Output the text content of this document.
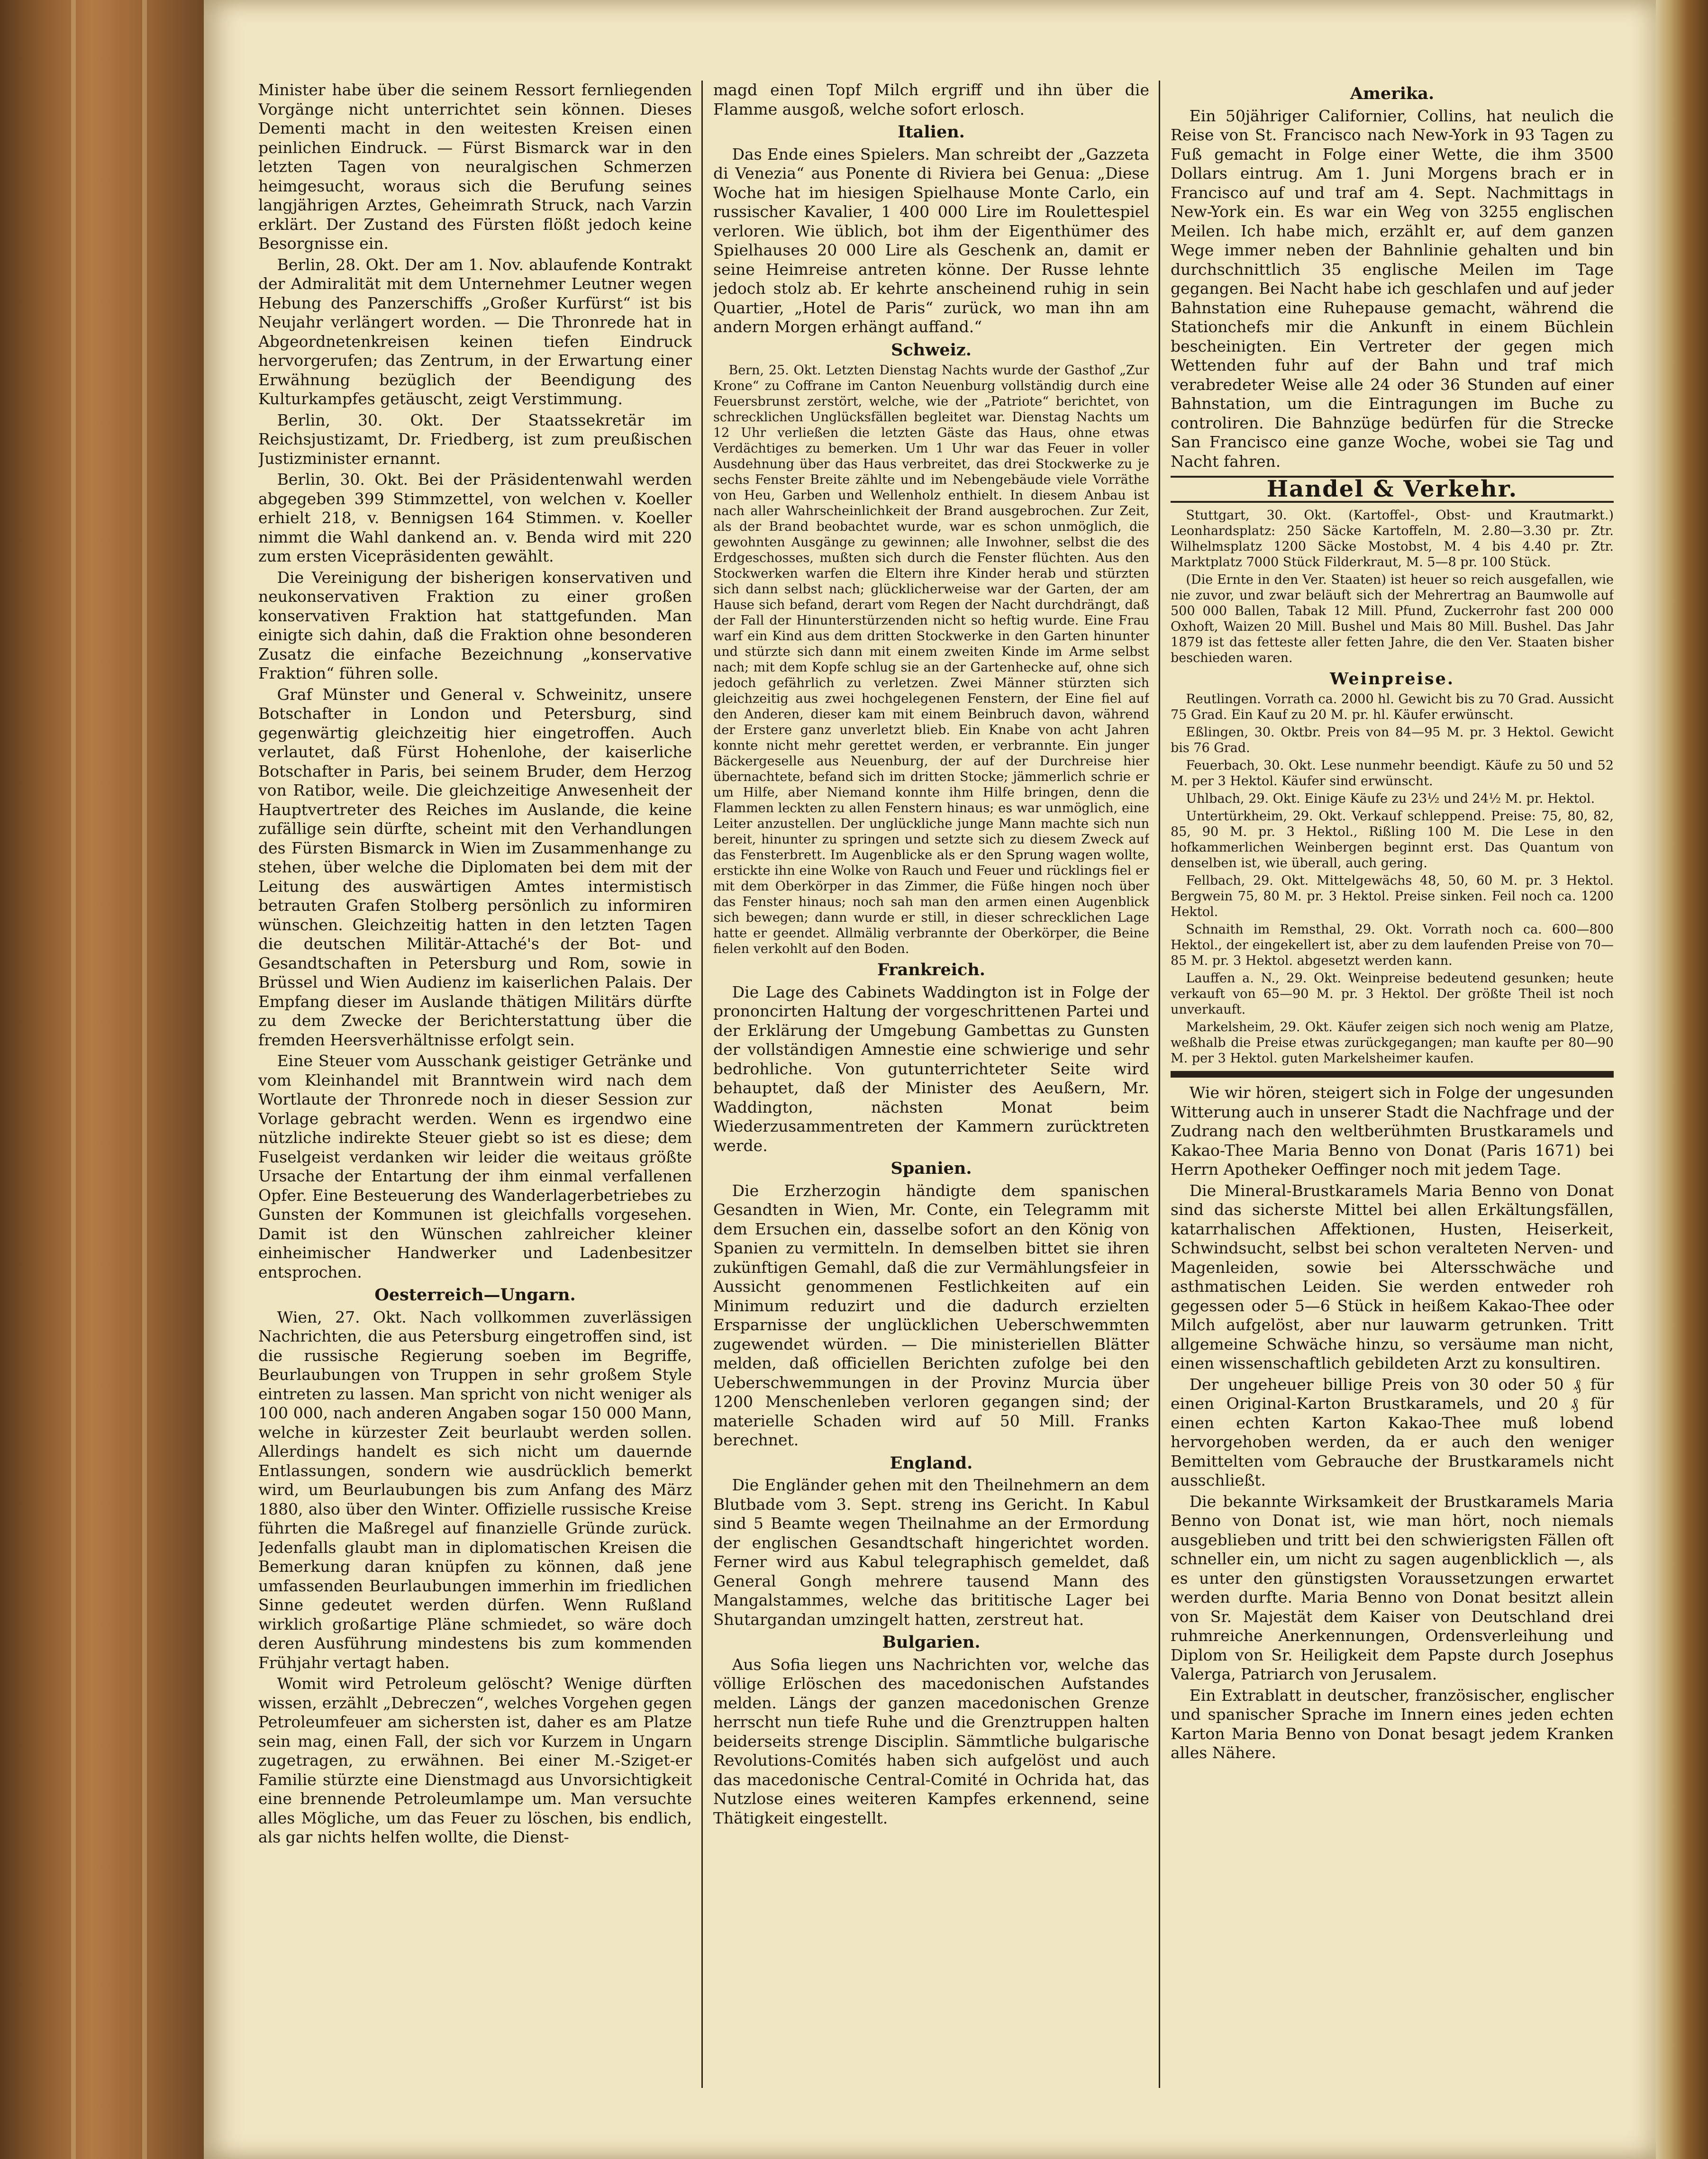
Minister habe über die seinem Ressort fernliegenden Vorgänge nicht unterrichtet sein können. Dieses Dementi macht in den weitesten Kreisen einen peinlichen Eindruck. — Fürst Bismarck war in den letzten Tagen von neuralgischen Schmerzen heimgesucht, woraus sich die Berufung seines langjährigen Arztes, Geheimrath Struck, nach Varzin erklärt. Der Zustand des Fürsten flößt jedoch keine Besorgnisse ein.

Berlin, 28. Okt. Der am 1. Nov. ablaufende Kontrakt der Admiralität mit dem Unternehmer Leutner wegen Hebung des Panzerschiffs „Großer Kurfürst“ ist bis Neujahr verlängert worden. — Die Thronrede hat in Abgeordnetenkreisen keinen tiefen Eindruck hervorgerufen; das Zentrum, in der Erwartung einer Erwähnung bezüglich der Beendigung des Kulturkampfes getäuscht, zeigt Verstimmung.

Berlin, 30. Okt. Der Staatssekretär im Reichsjustizamt, Dr. Friedberg, ist zum preußischen Justizminister ernannt.

Berlin, 30. Okt. Bei der Präsidentenwahl werden abgegeben 399 Stimmzettel, von welchen v. Koeller erhielt 218, v. Bennigsen 164 Stimmen. v. Koeller nimmt die Wahl dankend an. v. Benda wird mit 220 zum ersten Vicepräsidenten gewählt.

Die Vereinigung der bisherigen konservativen und neukonservativen Fraktion zu einer großen konservativen Fraktion hat stattgefunden. Man einigte sich dahin, daß die Fraktion ohne besonderen Zusatz die einfache Bezeichnung „konservative Fraktion“ führen solle.

Graf Münster und General v. Schweinitz, unsere Botschafter in London und Petersburg, sind gegenwärtig gleichzeitig hier eingetroffen. Auch verlautet, daß Fürst Hohenlohe, der kaiserliche Botschafter in Paris, bei seinem Bruder, dem Herzog von Ratibor, weile. Die gleichzeitige Anwesenheit der Hauptvertreter des Reiches im Auslande, die keine zufällige sein dürfte, scheint mit den Verhandlungen des Fürsten Bismarck in Wien im Zusammenhange zu stehen, über welche die Diplomaten bei dem mit der Leitung des auswärtigen Amtes intermistisch betrauten Grafen Stolberg persönlich zu informiren wünschen. Gleichzeitig hatten in den letzten Tagen die deutschen Militär-Attaché's der Bot- und Gesandtschaften in Petersburg und Rom, sowie in Brüssel und Wien Audienz im kaiserlichen Palais. Der Empfang dieser im Auslande thätigen Militärs dürfte zu dem Zwecke der Berichterstattung über die fremden Heersverhältnisse erfolgt sein.

Eine Steuer vom Ausschank geistiger Getränke und vom Kleinhandel mit Branntwein wird nach dem Wortlaute der Thronrede noch in dieser Session zur Vorlage gebracht werden. Wenn es irgendwo eine nützliche indirekte Steuer giebt so ist es diese; dem Fuselgeist verdanken wir leider die weitaus größte Ursache der Entartung der ihm einmal verfallenen Opfer. Eine Besteuerung des Wanderlagerbetriebes zu Gunsten der Kommunen ist gleichfalls vorgesehen. Damit ist den Wünschen zahlreicher kleiner einheimischer Handwerker und Ladenbesitzer entsprochen.

Oesterreich—Ungarn.

Wien, 27. Okt. Nach vollkommen zuverlässigen Nachrichten, die aus Petersburg eingetroffen sind, ist die russische Regierung soeben im Begriffe, Beurlaubungen von Truppen in sehr großem Style eintreten zu lassen. Man spricht von nicht weniger als 100 000, nach anderen Angaben sogar 150 000 Mann, welche in kürzester Zeit beurlaubt werden sollen. Allerdings handelt es sich nicht um dauernde Entlassungen, sondern wie ausdrücklich bemerkt wird, um Beurlaubungen bis zum Anfang des März 1880, also über den Winter. Offizielle russische Kreise führten die Maßregel auf finanzielle Gründe zurück. Jedenfalls glaubt man in diplomatischen Kreisen die Bemerkung daran knüpfen zu können, daß jene umfassenden Beurlaubungen immerhin im friedlichen Sinne gedeutet werden dürfen. Wenn Rußland wirklich großartige Pläne schmiedet, so wäre doch deren Ausführung mindestens bis zum kommenden Frühjahr vertagt haben.

Womit wird Petroleum gelöscht? Wenige dürften wissen, erzählt „Debreczen“, welches Vorgehen gegen Petroleumfeuer am sichersten ist, daher es am Platze sein mag, einen Fall, der sich vor Kurzem in Ungarn zugetragen, zu erwähnen. Bei einer M.-Sziget-er Familie stürzte eine Dienstmagd aus Unvorsichtigkeit eine brennende Petroleumlampe um. Man versuchte alles Mögliche, um das Feuer zu löschen, bis endlich, als gar nichts helfen wollte, die Dienst-

magd einen Topf Milch ergriff und ihn über die Flamme ausgoß, welche sofort erlosch.

Italien.

Das Ende eines Spielers. Man schreibt der „Gazzeta di Venezia“ aus Ponente di Riviera bei Genua: „Diese Woche hat im hiesigen Spielhause Monte Carlo, ein russischer Kavalier, 1 400 000 Lire im Roulettespiel verloren. Wie üblich, bot ihm der Eigenthümer des Spielhauses 20 000 Lire als Geschenk an, damit er seine Heimreise antreten könne. Der Russe lehnte jedoch stolz ab. Er kehrte anscheinend ruhig in sein Quartier, „Hotel de Paris“ zurück, wo man ihn am andern Morgen erhängt auffand.“

Schweiz.

Bern, 25. Okt. Letzten Dienstag Nachts wurde der Gasthof „Zur Krone“ zu Coffrane im Canton Neuenburg vollständig durch eine Feuersbrunst zerstört, welche, wie der „Patriote“ berichtet, von schrecklichen Unglücksfällen begleitet war. Dienstag Nachts um 12 Uhr verließen die letzten Gäste das Haus, ohne etwas Verdächtiges zu bemerken. Um 1 Uhr war das Feuer in voller Ausdehnung über das Haus verbreitet, das drei Stockwerke zu je sechs Fenster Breite zählte und im Nebengebäude viele Vorräthe von Heu, Garben und Wellenholz enthielt. In diesem Anbau ist nach aller Wahrscheinlichkeit der Brand ausgebrochen. Zur Zeit, als der Brand beobachtet wurde, war es schon unmöglich, die gewohnten Ausgänge zu gewinnen; alle Inwohner, selbst die des Erdgeschosses, mußten sich durch die Fenster flüchten. Aus den Stockwerken warfen die Eltern ihre Kinder herab und stürzten sich dann selbst nach; glücklicherweise war der Garten, der am Hause sich befand, derart vom Regen der Nacht durchdrängt, daß der Fall der Hinunterstürzenden nicht so heftig wurde. Eine Frau warf ein Kind aus dem dritten Stockwerke in den Garten hinunter und stürzte sich dann mit einem zweiten Kinde im Arme selbst nach; mit dem Kopfe schlug sie an der Gartenhecke auf, ohne sich jedoch gefährlich zu verletzen. Zwei Männer stürzten sich gleichzeitig aus zwei hochgelegenen Fenstern, der Eine fiel auf den Anderen, dieser kam mit einem Beinbruch davon, während der Erstere ganz unverletzt blieb. Ein Knabe von acht Jahren konnte nicht mehr gerettet werden, er verbrannte. Ein junger Bäckergeselle aus Neuenburg, der auf der Durchreise hier übernachtete, befand sich im dritten Stocke; jämmerlich schrie er um Hilfe, aber Niemand konnte ihm Hilfe bringen, denn die Flammen leckten zu allen Fenstern hinaus; es war unmöglich, eine Leiter anzustellen. Der unglückliche junge Mann machte sich nun bereit, hinunter zu springen und setzte sich zu diesem Zweck auf das Fensterbrett. Im Augenblicke als er den Sprung wagen wollte, erstickte ihn eine Wolke von Rauch und Feuer und rücklings fiel er mit dem Oberkörper in das Zimmer, die Füße hingen noch über das Fenster hinaus; noch sah man den armen einen Augenblick sich bewegen; dann wurde er still, in dieser schrecklichen Lage hatte er geendet. Allmälig verbrannte der Oberkörper, die Beine fielen verkohlt auf den Boden.

Frankreich.

Die Lage des Cabinets Waddington ist in Folge der prononcirten Haltung der vorgeschrittenen Partei und der Erklärung der Umgebung Gambettas zu Gunsten der vollständigen Amnestie eine schwierige und sehr bedrohliche. Von gutunterrichteter Seite wird behauptet, daß der Minister des Aeußern, Mr. Waddington, nächsten Monat beim Wiederzusammentreten der Kammern zurücktreten werde.

Spanien.

Die Erzherzogin händigte dem spanischen Gesandten in Wien, Mr. Conte, ein Telegramm mit dem Ersuchen ein, dasselbe sofort an den König von Spanien zu vermitteln. In demselben bittet sie ihren zukünftigen Gemahl, daß die zur Vermählungsfeier in Aussicht genommenen Festlichkeiten auf ein Minimum reduzirt und die dadurch erzielten Ersparnisse der unglücklichen Ueberschwemmten zugewendet würden. — Die ministeriellen Blätter melden, daß officiellen Berichten zufolge bei den Ueberschwemmungen in der Provinz Murcia über 1200 Menschenleben verloren gegangen sind; der materielle Schaden wird auf 50 Mill. Franks berechnet.

England.

Die Engländer gehen mit den Theilnehmern an dem Blutbade vom 3. Sept. streng ins Gericht. In Kabul sind 5 Beamte wegen Theilnahme an der Ermordung der englischen Gesandtschaft hingerichtet worden. Ferner wird aus Kabul telegraphisch gemeldet, daß General Gongh mehrere tausend Mann des Mangalstammes, welche das brititische Lager bei Shutargandan umzingelt hatten, zerstreut hat.

Bulgarien.

Aus Sofia liegen uns Nachrichten vor, welche das völlige Erlöschen des macedonischen Aufstandes melden. Längs der ganzen macedonischen Grenze herrscht nun tiefe Ruhe und die Grenztruppen halten beiderseits strenge Disciplin. Sämmtliche bulgarische Revolutions-Comités haben sich aufgelöst und auch das macedonische Central-Comité in Ochrida hat, das Nutzlose eines weiteren Kampfes erkennend, seine Thätigkeit eingestellt.

Amerika.

Ein 50jähriger Californier, Collins, hat neulich die Reise von St. Francisco nach New-York in 93 Tagen zu Fuß gemacht in Folge einer Wette, die ihm 3500 Dollars eintrug. Am 1. Juni Morgens brach er in Francisco auf und traf am 4. Sept. Nachmittags in New-York ein. Es war ein Weg von 3255 englischen Meilen. Ich habe mich, erzählt er, auf dem ganzen Wege immer neben der Bahnlinie gehalten und bin durchschnittlich 35 englische Meilen im Tage gegangen. Bei Nacht habe ich geschlafen und auf jeder Bahnstation eine Ruhepause gemacht, während die Stationchefs mir die Ankunft in einem Büchlein bescheinigten. Ein Vertreter der gegen mich Wettenden fuhr auf der Bahn und traf mich verabredeter Weise alle 24 oder 36 Stunden auf einer Bahnstation, um die Eintragungen im Buche zu controliren. Die Bahnzüge bedürfen für die Strecke San Francisco eine ganze Woche, wobei sie Tag und Nacht fahren.

Handel & Verkehr.

Stuttgart, 30. Okt. (Kartoffel-, Obst- und Krautmarkt.) Leonhardsplatz: 250 Säcke Kartoffeln, M. 2.80—3.30 pr. Ztr. Wilhelmsplatz 1200 Säcke Mostobst, M. 4 bis 4.40 pr. Ztr. Marktplatz 7000 Stück Filderkraut, M. 5—8 pr. 100 Stück.

(Die Ernte in den Ver. Staaten) ist heuer so reich ausgefallen, wie nie zuvor, und zwar beläuft sich der Mehrertrag an Baumwolle auf 500 000 Ballen, Tabak 12 Mill. Pfund, Zuckerrohr fast 200 000 Oxhoft, Waizen 20 Mill. Bushel und Mais 80 Mill. Bushel. Das Jahr 1879 ist das fetteste aller fetten Jahre, die den Ver. Staaten bisher beschieden waren.

Weinpreise.

Reutlingen. Vorrath ca. 2000 hl. Gewicht bis zu 70 Grad. Aussicht 75 Grad. Ein Kauf zu 20 M. pr. hl. Käufer erwünscht.

Eßlingen, 30. Oktbr. Preis von 84—95 M. pr. 3 Hektol. Gewicht bis 76 Grad.

Feuerbach, 30. Okt. Lese nunmehr beendigt. Käufe zu 50 und 52 M. per 3 Hektol. Käufer sind erwünscht.

Uhlbach, 29. Okt. Einige Käufe zu 23½ und 24½ M. pr. Hektol.

Untertürkheim, 29. Okt. Verkauf schleppend. Preise: 75, 80, 82, 85, 90 M. pr. 3 Hektol., Rißling 100 M. Die Lese in den hofkammerlichen Weinbergen beginnt erst. Das Quantum von denselben ist, wie überall, auch gering.

Fellbach, 29. Okt. Mittelgewächs 48, 50, 60 M. pr. 3 Hektol. Bergwein 75, 80 M. pr. 3 Hektol. Preise sinken. Feil noch ca. 1200 Hektol.

Schnaith im Remsthal, 29. Okt. Vorrath noch ca. 600—800 Hektol., der eingekellert ist, aber zu dem laufenden Preise von 70—85 M. pr. 3 Hektol. abgesetzt werden kann.

Lauffen a. N., 29. Okt. Weinpreise bedeutend gesunken; heute verkauft von 65—90 M. pr. 3 Hektol. Der größte Theil ist noch unverkauft.

Markelsheim, 29. Okt. Käufer zeigen sich noch wenig am Platze, weßhalb die Preise etwas zurückgegangen; man kaufte per 80—90 M. per 3 Hektol. guten Markelsheimer kaufen.

Wie wir hören, steigert sich in Folge der ungesunden Witterung auch in unserer Stadt die Nachfrage und der Zudrang nach den weltberühmten Brustkaramels und Kakao-Thee Maria Benno von Donat (Paris 1671) bei Herrn Apotheker Oeffinger noch mit jedem Tage.

Die Mineral-Brustkaramels Maria Benno von Donat sind das sicherste Mittel bei allen Erkältungsfällen, katarrhalischen Affektionen, Husten, Heiserkeit, Schwindsucht, selbst bei schon veralteten Nerven- und Magenleiden, sowie bei Altersschwäche und asthmatischen Leiden. Sie werden entweder roh gegessen oder 5—6 Stück in heißem Kakao-Thee oder Milch aufgelöst, aber nur lauwarm getrunken. Tritt allgemeine Schwäche hinzu, so versäume man nicht, einen wissenschaftlich gebildeten Arzt zu konsultiren.

Der ungeheuer billige Preis von 30 oder 50 ₰ für einen Original-Karton Brustkaramels, und 20 ₰ für einen echten Karton Kakao-Thee muß lobend hervorgehoben werden, da er auch den weniger Bemittelten vom Gebrauche der Brustkaramels nicht ausschließt.

Die bekannte Wirksamkeit der Brustkaramels Maria Benno von Donat ist, wie man hört, noch niemals ausgeblieben und tritt bei den schwierigsten Fällen oft schneller ein, um nicht zu sagen augenblicklich —, als es unter den günstigsten Voraussetzungen erwartet werden durfte. Maria Benno von Donat besitzt allein von Sr. Majestät dem Kaiser von Deutschland drei ruhmreiche Anerkennungen, Ordensverleihung und Diplom von Sr. Heiligkeit dem Papste durch Josephus Valerga, Patriarch von Jerusalem.

Ein Extrablatt in deutscher, französischer, englischer und spanischer Sprache im Innern eines jeden echten Karton Maria Benno von Donat besagt jedem Kranken alles Nähere.
